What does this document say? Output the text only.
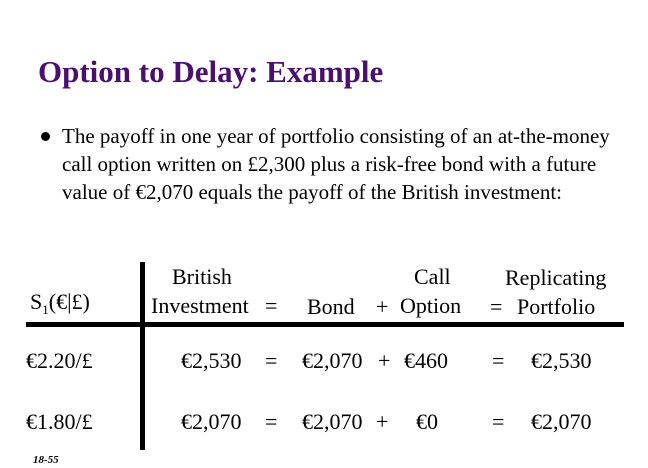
Option to Delay: Example
The payoff in one year of portfolio consisting of an at-the-money call option written on £2,300 plus a risk-free bond with a future value of €2,070 equals the payoff of the British investment:
$S_1(€|£)$
British
Investment = Bond +
Call
Option =
Replicating
Portfolio
€2.20/£	€2,530 = €2,070 + €460 = €2,530
€1.80/£	€2,070 = €2,070 + €0 = €2,070
18-55
